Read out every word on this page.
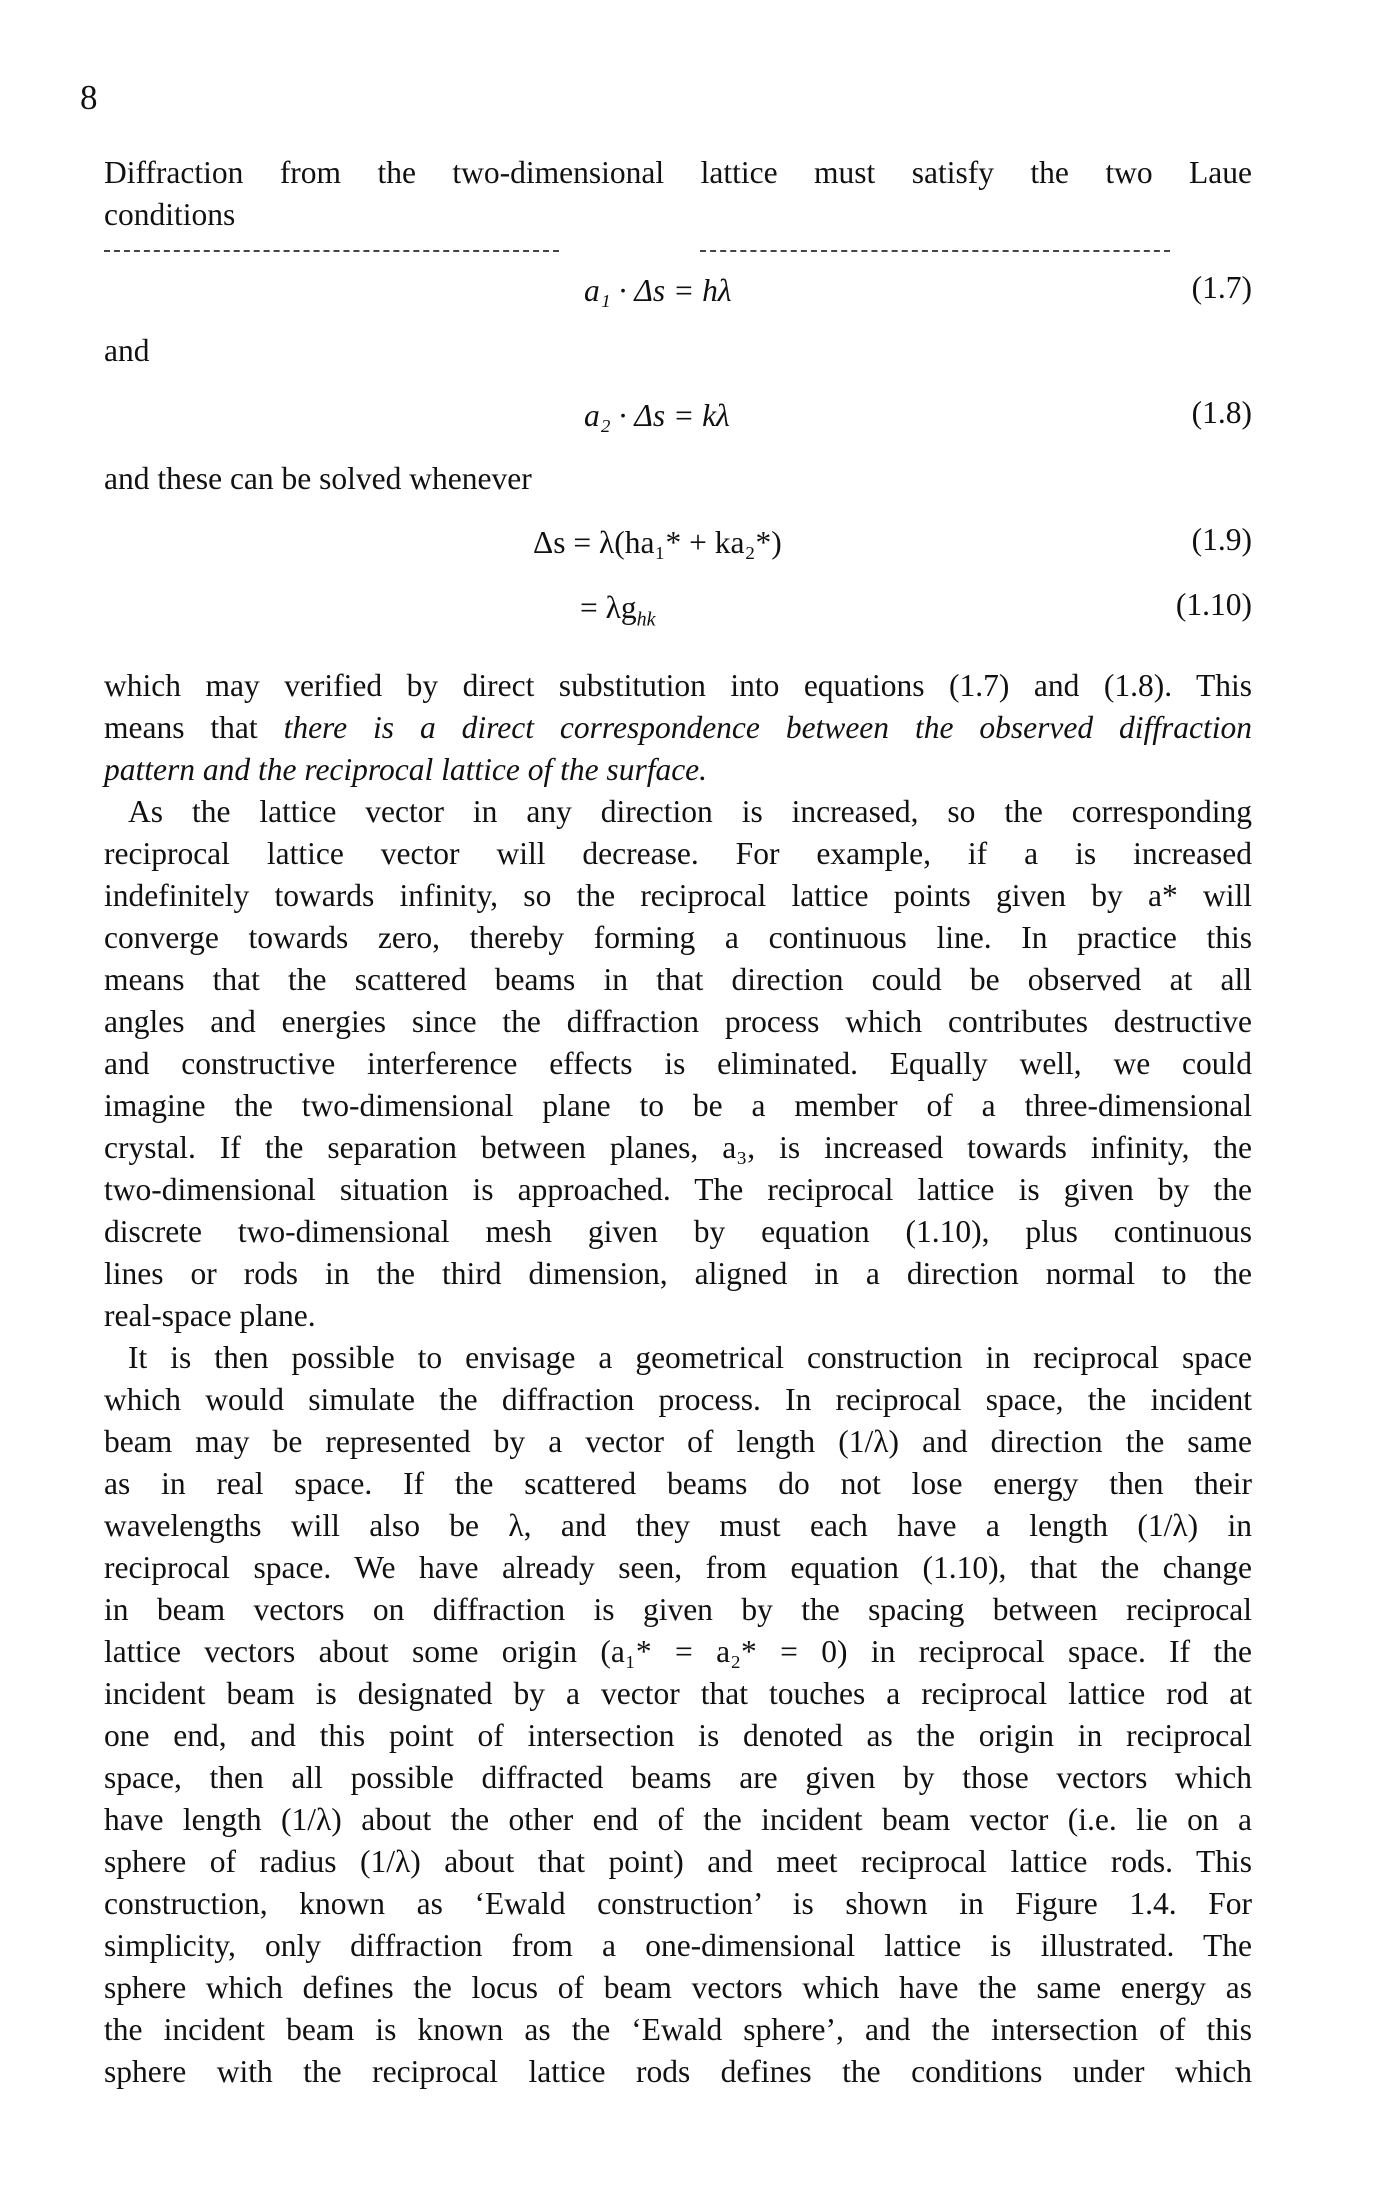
8
Diffraction from the two-dimensional lattice must satisfy the two Laue
conditions
a₁ · Δs = hλ	(1.7)
and
a₂ · Δs = kλ	(1.8)
and these can be solved whenever
Δs = λ(ha₁* + ka₂*)	(1.9)
= $\lambda g_{hk}$	(1.10)
which may verified by direct substitution into equations (1.7) and (1.8). This
means that there is a direct correspondence between the observed diffraction
pattern and the reciprocal lattice of the surface.
As the lattice vector in any direction is increased, so the corresponding
reciprocal lattice vector will decrease. For example, if a is increased
indefinitely towards infinity, so the reciprocal lattice points given by a* will
converge towards zero, thereby forming a continuous line. In practice this
means that the scattered beams in that direction could be observed at all
angles and energies since the diffraction process which contributes destructive
and constructive interference effects is eliminated. Equally well, we could
imagine the two-dimensional plane to be a member of a three-dimensional
crystal. If the separation between planes, a₃, is increased towards infinity, the
two-dimensional situation is approached. The reciprocal lattice is given by the
discrete two-dimensional mesh given by equation (1.10), plus continuous
lines or rods in the third dimension, aligned in a direction normal to the
real-space plane.
It is then possible to envisage a geometrical construction in reciprocal space
which would simulate the diffraction process. In reciprocal space, the incident
beam may be represented by a vector of length (1/λ) and direction the same
as in real space. If the scattered beams do not lose energy then their
wavelengths will also be λ, and they must each have a length (1/λ) in
reciprocal space. We have already seen, from equation (1.10), that the change
in beam vectors on diffraction is given by the spacing between reciprocal
lattice vectors about some origin (a₁* = a₂* = 0) in reciprocal space. If the
incident beam is designated by a vector that touches a reciprocal lattice rod at
one end, and this point of intersection is denoted as the origin in reciprocal
space, then all possible diffracted beams are given by those vectors which
have length (1/λ) about the other end of the incident beam vector (i.e. lie on a
sphere of radius (1/λ) about that point) and meet reciprocal lattice rods. This
construction, known as ‘Ewald construction’ is shown in Figure 1.4. For
simplicity, only diffraction from a one-dimensional lattice is illustrated. The
sphere which defines the locus of beam vectors which have the same energy as
the incident beam is known as the ‘Ewald sphere’, and the intersection of this
sphere with the reciprocal lattice rods defines the conditions under which
